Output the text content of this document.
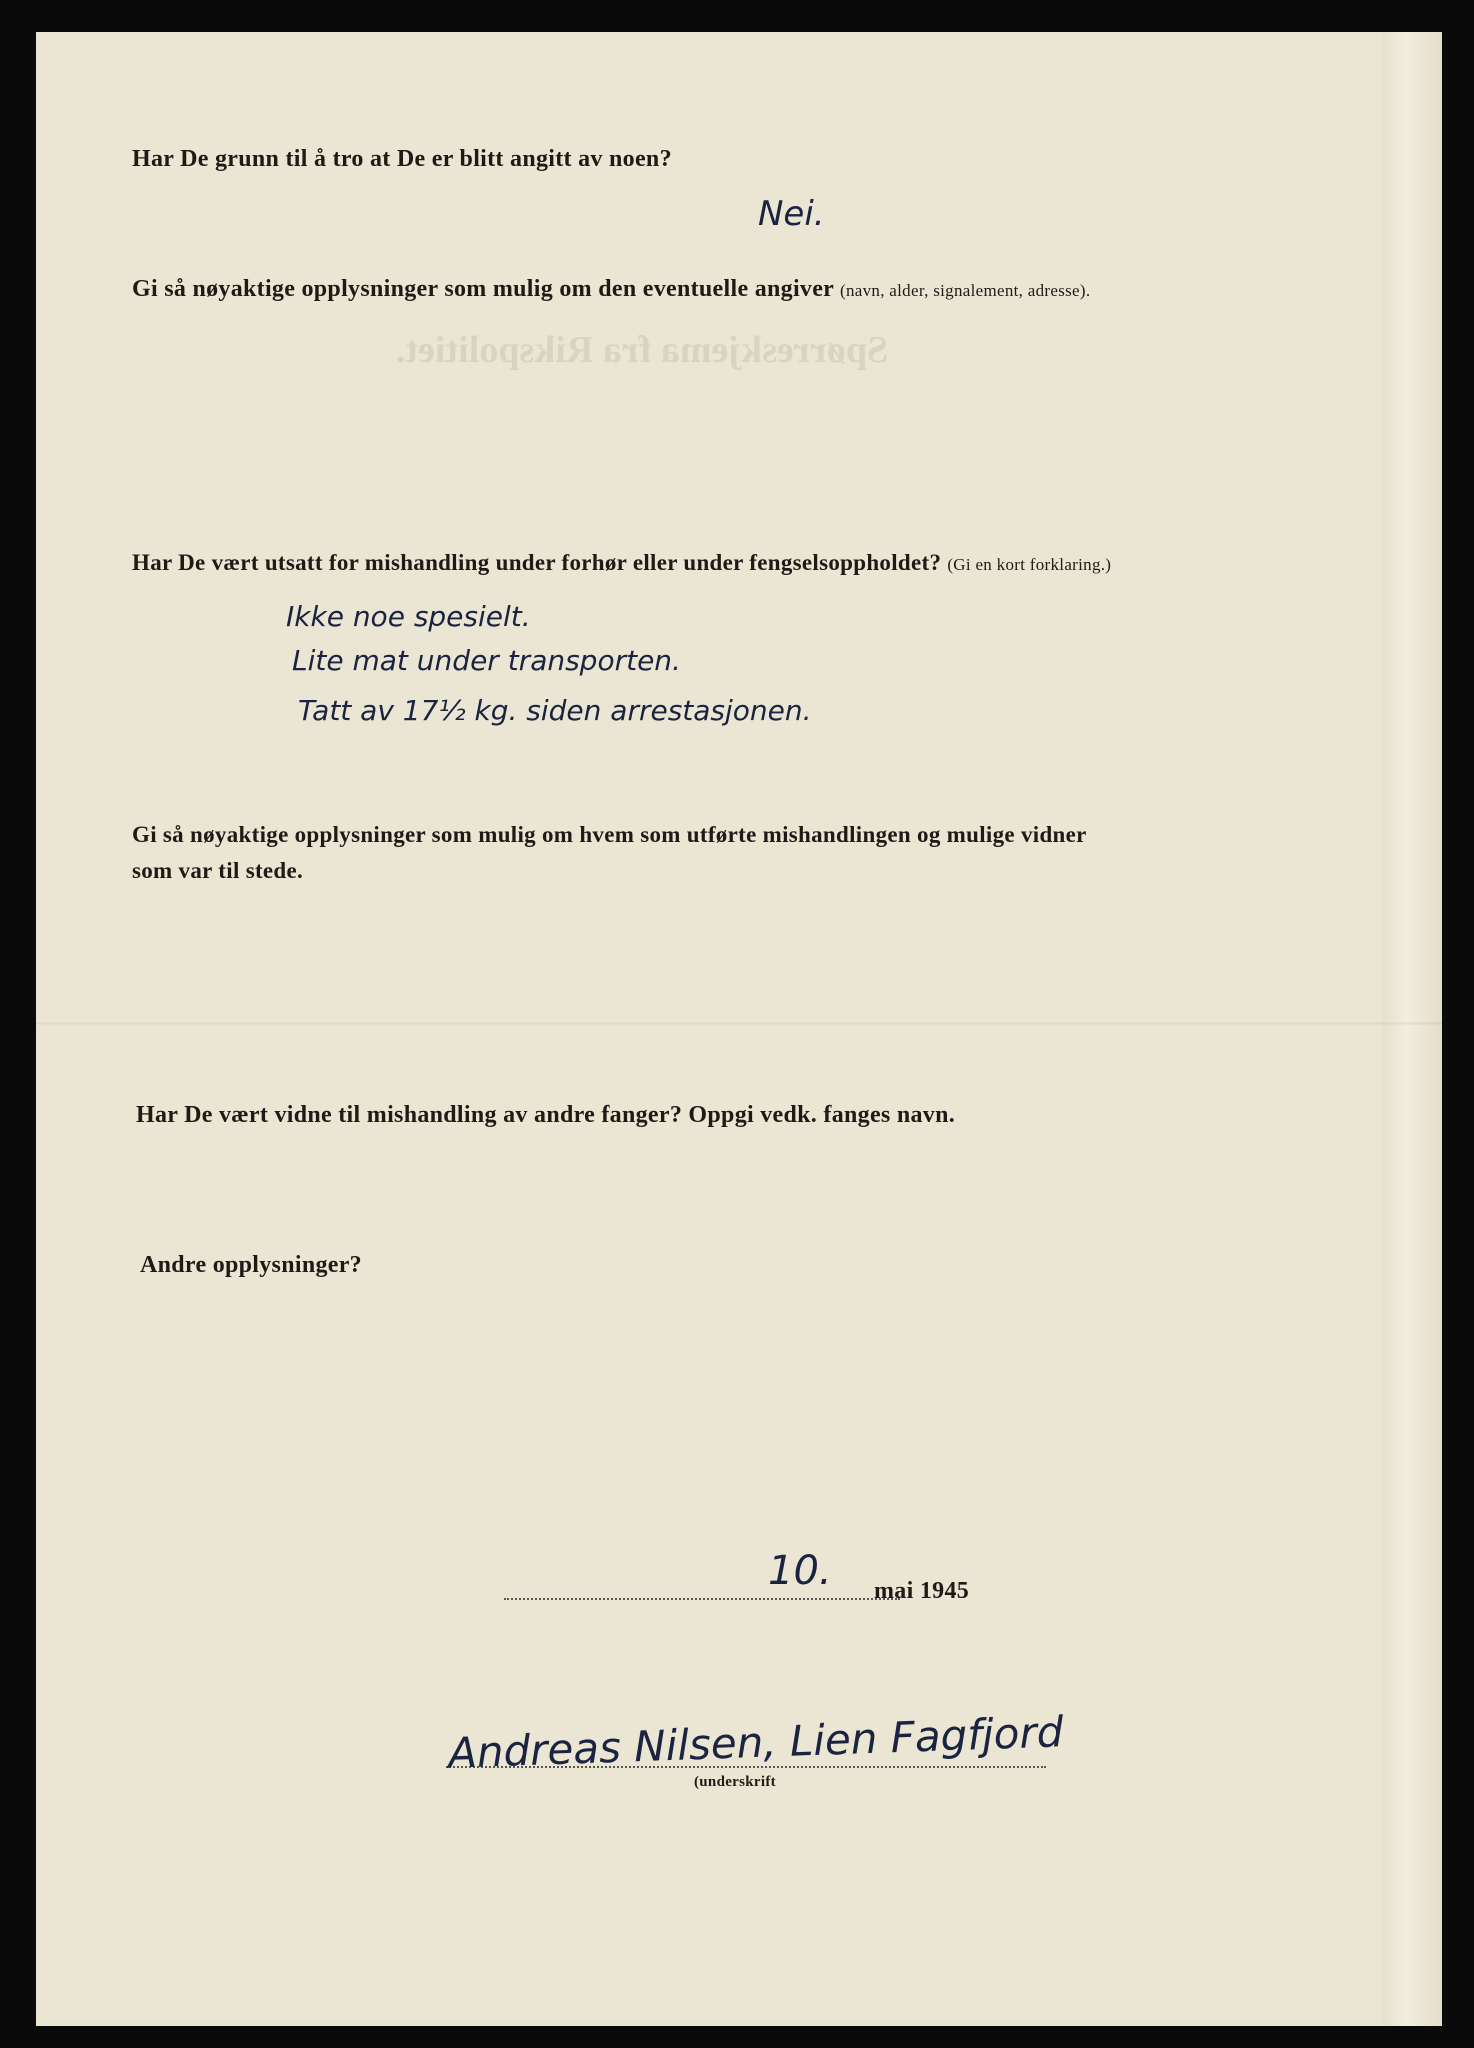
Spørreskjema fra Rikspolitiet.
Har De grunn til å tro at De er blitt angitt av noen?
Nei.
Gi så nøyaktige opplysninger som mulig om den eventuelle angiver (navn, alder, signalement, adresse).
Har De vært utsatt for mishandling under forhør eller under fengselsoppholdet? (Gi en kort forklaring.)
Ikke noe spesielt.
Lite mat under transporten.
Tatt av 17½ kg. siden arrestasjonen.
Gi så nøyaktige opplysninger som mulig om hvem som utførte mishandlingen og mulige vidner
som var til stede.
Har De vært vidne til mishandling av andre fanger? Oppgi vedk. fanges navn.
Andre opplysninger?
10. mai 1945
Andreas Nilsen, Lien Fagfjord
(underskrift
